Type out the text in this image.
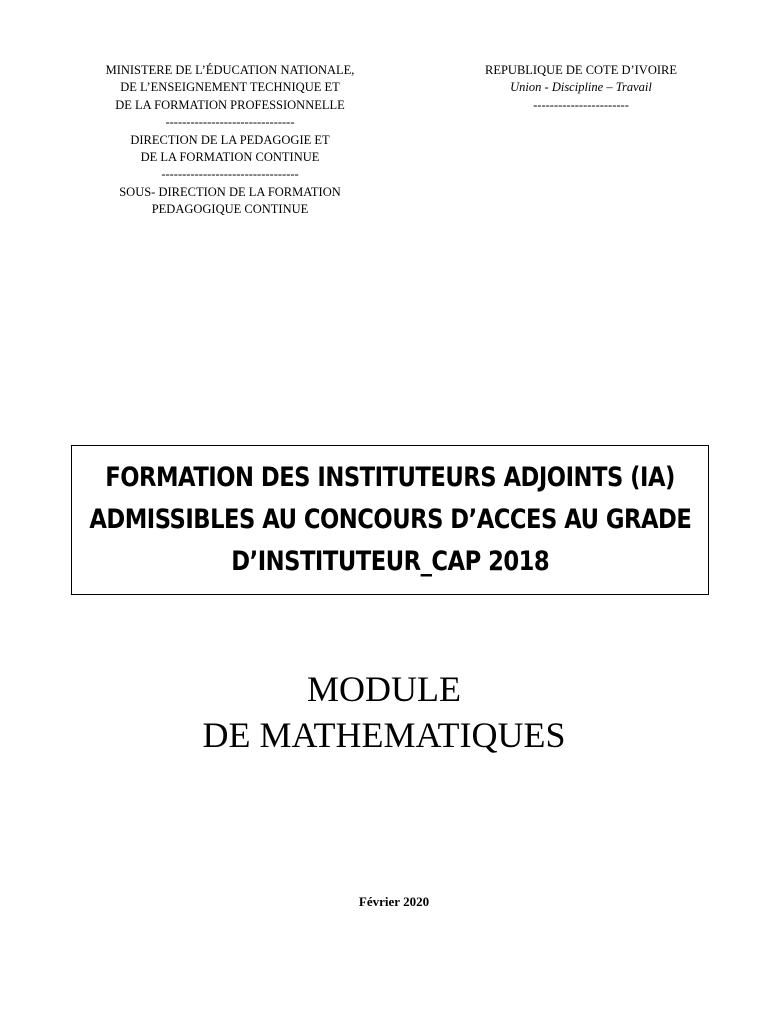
MINISTERE DE L’ÉDUCATION NATIONALE,
DE L’ENSEIGNEMENT TECHNIQUE ET
DE LA FORMATION PROFESSIONNELLE
-------------------------------
DIRECTION DE LA PEDAGOGIE ET
DE LA FORMATION CONTINUE
---------------------------------
SOUS- DIRECTION DE LA FORMATION
PEDAGOGIQUE CONTINUE
REPUBLIQUE DE COTE D’IVOIRE
Union - Discipline – Travail
-----------------------
FORMATION DES INSTITUTEURS ADJOINTS (IA)
ADMISSIBLES AU CONCOURS D’ACCES AU GRADE
D’INSTITUTEUR_CAP 2018
MODULE
DE MATHEMATIQUES
Février 2020
